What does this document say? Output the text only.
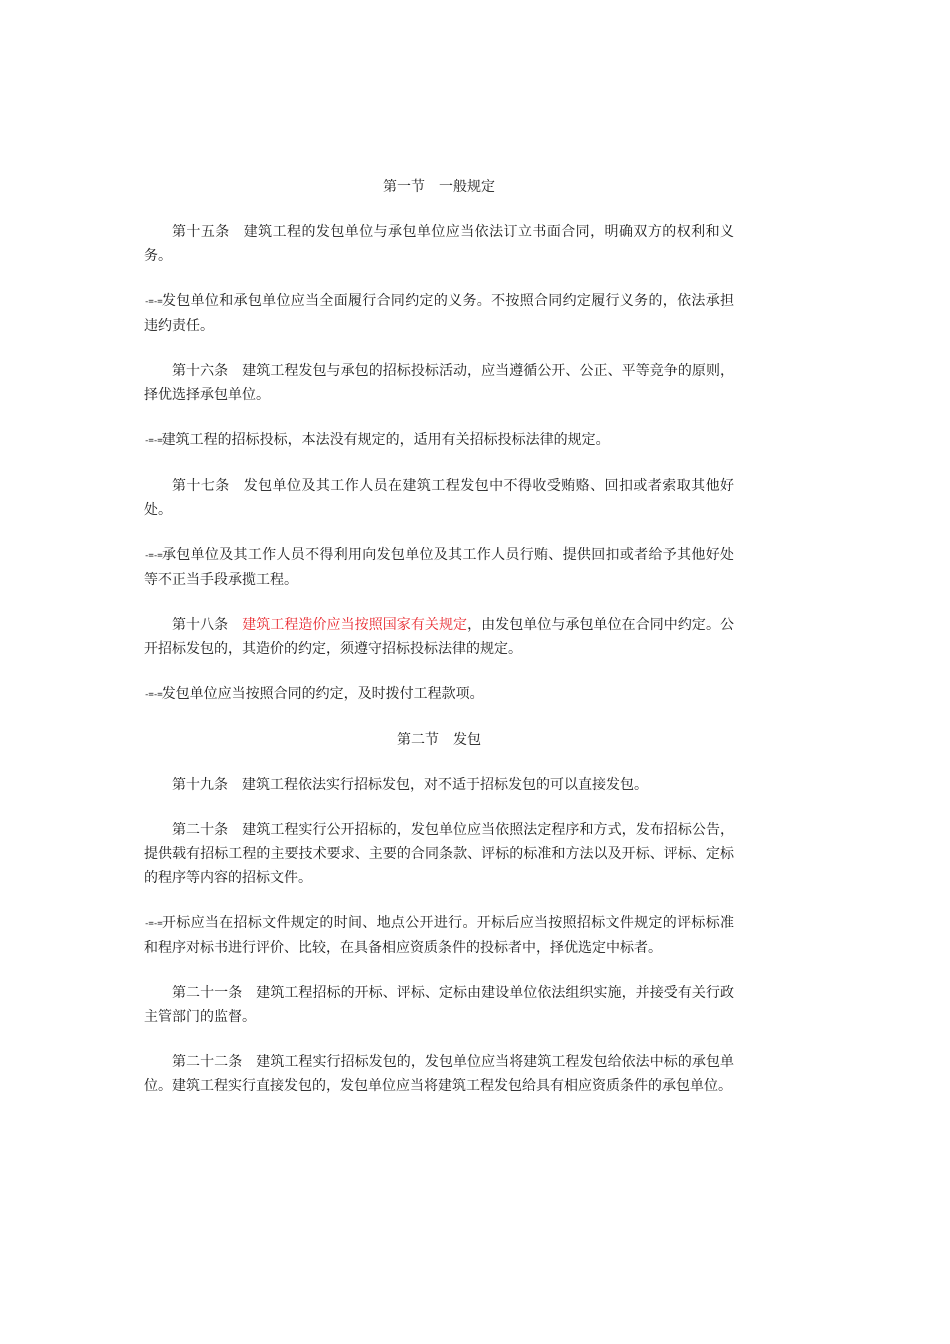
第一节　一般规定

第十五条 建筑工程的发包单位与承包单位应当依法订立书面合同，明确双方的权利和义务。

-=-=发包单位和承包单位应当全面履行合同约定的义务。不按照合同约定履行义务的，依法承担违约责任。

第十六条 建筑工程发包与承包的招标投标活动，应当遵循公开、公正、平等竞争的原则，择优选择承包单位。

-=-=建筑工程的招标投标，本法没有规定的，适用有关招标投标法律的规定。

第十七条 发包单位及其工作人员在建筑工程发包中不得收受贿赂、回扣或者索取其他好处。

-=-=承包单位及其工作人员不得利用向发包单位及其工作人员行贿、提供回扣或者给予其他好处等不正当手段承揽工程。

第十八条 建筑工程造价应当按照国家有关规定，由发包单位与承包单位在合同中约定。公开招标发包的，其造价的约定，须遵守招标投标法律的规定。

-=-=发包单位应当按照合同的约定，及时拨付工程款项。

第二节　发包

第十九条 建筑工程依法实行招标发包，对不适于招标发包的可以直接发包。

第二十条 建筑工程实行公开招标的，发包单位应当依照法定程序和方式，发布招标公告，提供载有招标工程的主要技术要求、主要的合同条款、评标的标准和方法以及开标、评标、定标的程序等内容的招标文件。

-=-=开标应当在招标文件规定的时间、地点公开进行。开标后应当按照招标文件规定的评标标准和程序对标书进行评价、比较，在具备相应资质条件的投标者中，择优选定中标者。

第二十一条 建筑工程招标的开标、评标、定标由建设单位依法组织实施，并接受有关行政主管部门的监督。

第二十二条 建筑工程实行招标发包的，发包单位应当将建筑工程发包给依法中标的承包单位。建筑工程实行直接发包的，发包单位应当将建筑工程发包给具有相应资质条件的承包单位。
